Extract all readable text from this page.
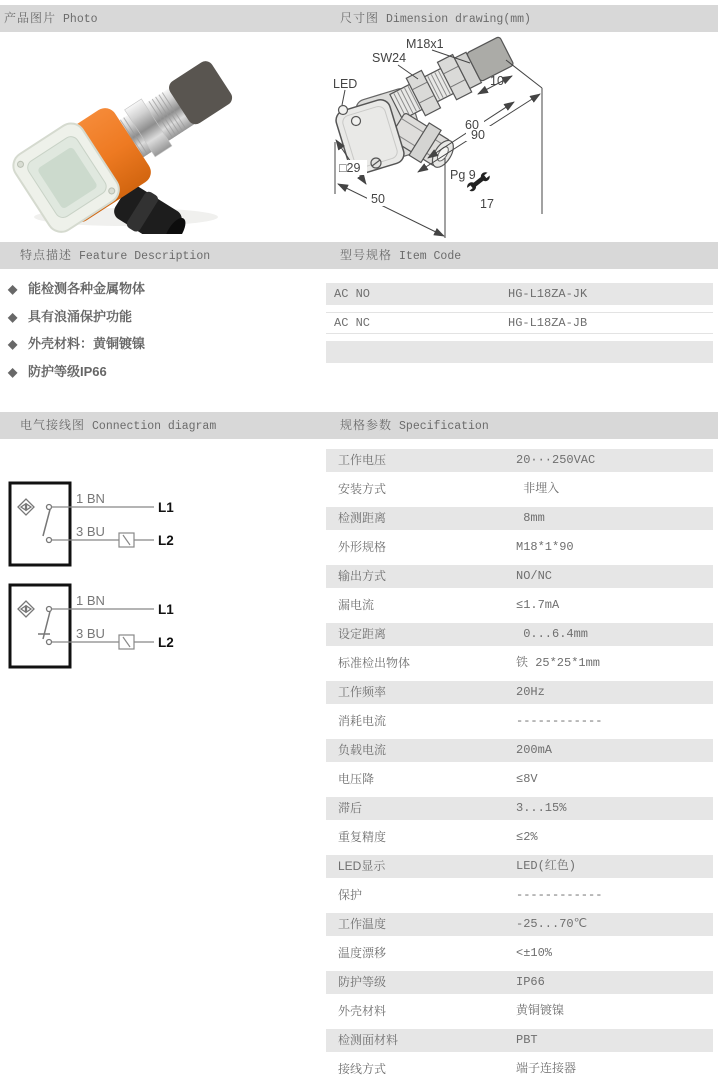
产品图片 Photo	尺寸图 Dimension drawing(mm)
M18x1
SW24
LED	10
60
90
□29	Pg 9
50	17
特点描述 Feature Description	型号规格 Item Code
◆ 能检测各种金属物体
◆ 具有浪涌保护功能
◆ 外壳材料：黄铜镀镍
◆ 防护等级IP66
AC NO	HG-L18ZA-JK
AC NC	HG-L18ZA-JB
电气接线图 Connection diagram	规格参数 Specification
1 BN
L1
3 BU
L2
1 BN
L1
3 BU
L2
工作电压	20···250VAC
安装方式	非埋入
检测距离	8mm
外形规格	M18*1*90
输出方式	NO/NC
漏电流	≤1.7mA
设定距离	0...6.4mm
标准检出物体	铁 25*25*1mm
工作频率	20Hz
消耗电流	------------
负载电流	200mA
电压降	≤8V
滞后	3...15%
重复精度	≤2%
LED显示	LED(红色)
保护	------------
工作温度	-25...70℃
温度漂移	<±10%
防护等级	IP66
外壳材料	黄铜镀镍
检测面材料	PBT
接线方式	端子连接器
